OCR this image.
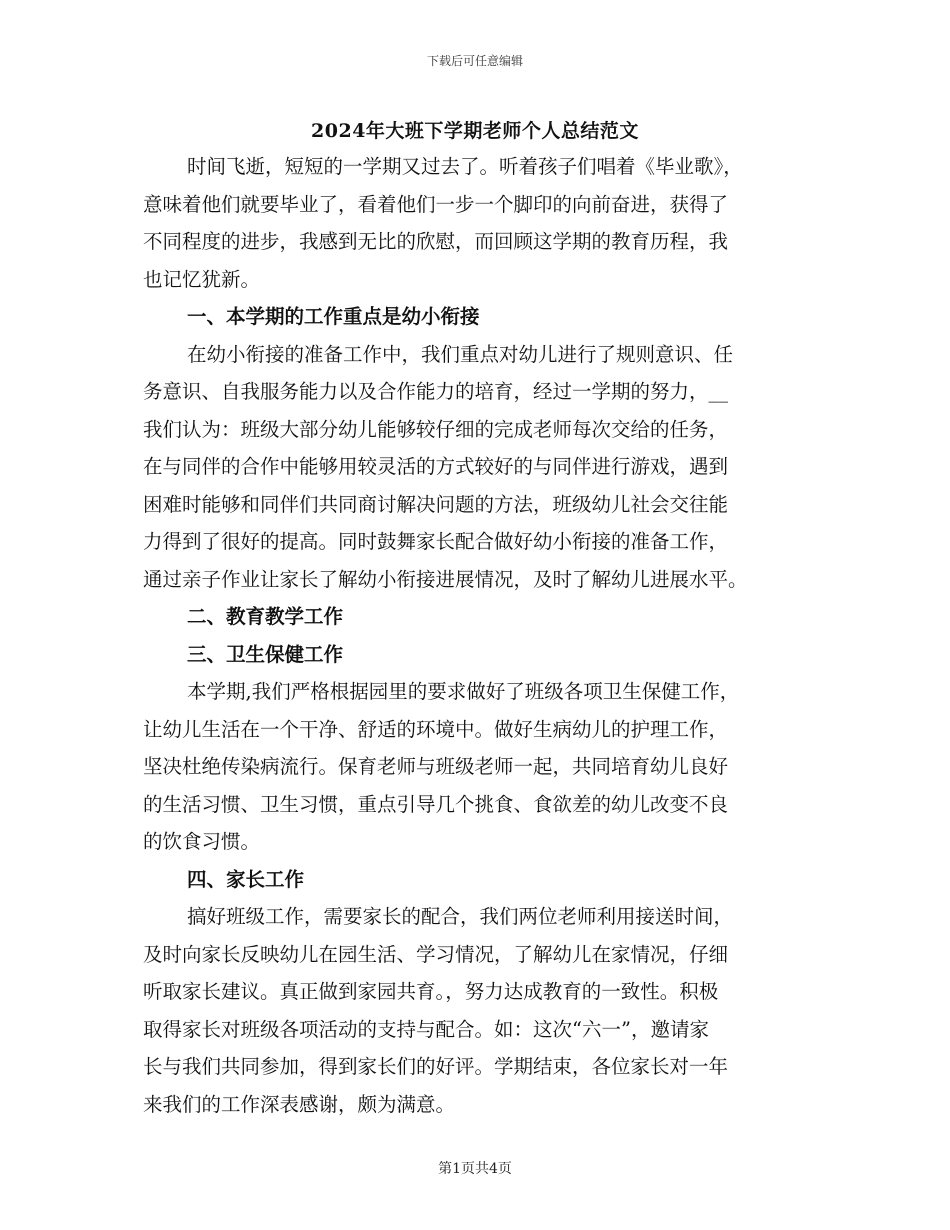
下载后可任意编辑
2024年大班下学期老师个人总结范文
时间飞逝，短短的一学期又过去了。听着孩子们唱着《毕业歌》，
意味着他们就要毕业了，看着他们一步一个脚印的向前奋进，获得了
不同程度的进步，我感到无比的欣慰，而回顾这学期的教育历程，我
也记忆犹新。
一、本学期的工作重点是幼小衔接
在幼小衔接的准备工作中，我们重点对幼儿进行了规则意识、任
务意识、自我服务能力以及合作能力的培育，经过一学期的努力，__
我们认为：班级大部分幼儿能够较仔细的完成老师每次交给的任务，
在与同伴的合作中能够用较灵活的方式较好的与同伴进行游戏，遇到
困难时能够和同伴们共同商讨解决问题的方法，班级幼儿社会交往能
力得到了很好的提高。同时鼓舞家长配合做好幼小衔接的准备工作，
通过亲子作业让家长了解幼小衔接进展情况，及时了解幼儿进展水平。
二、教育教学工作
三、卫生保健工作
本学期,我们严格根据园里的要求做好了班级各项卫生保健工作，
让幼儿生活在一个干净、舒适的环境中。做好生病幼儿的护理工作，
坚决杜绝传染病流行。保育老师与班级老师一起，共同培育幼儿良好
的生活习惯、卫生习惯，重点引导几个挑食、食欲差的幼儿改变不良
的饮食习惯。
四、家长工作
搞好班级工作，需要家长的配合，我们两位老师利用接送时间，
及时向家长反映幼儿在园生活、学习情况，了解幼儿在家情况，仔细
听取家长建议。真正做到家园共育。，努力达成教育的一致性。积极
取得家长对班级各项活动的支持与配合。如：这次“六一”，邀请家
长与我们共同参加，得到家长们的好评。学期结束，各位家长对一年
来我们的工作深表感谢，颇为满意。
第1页共4页
